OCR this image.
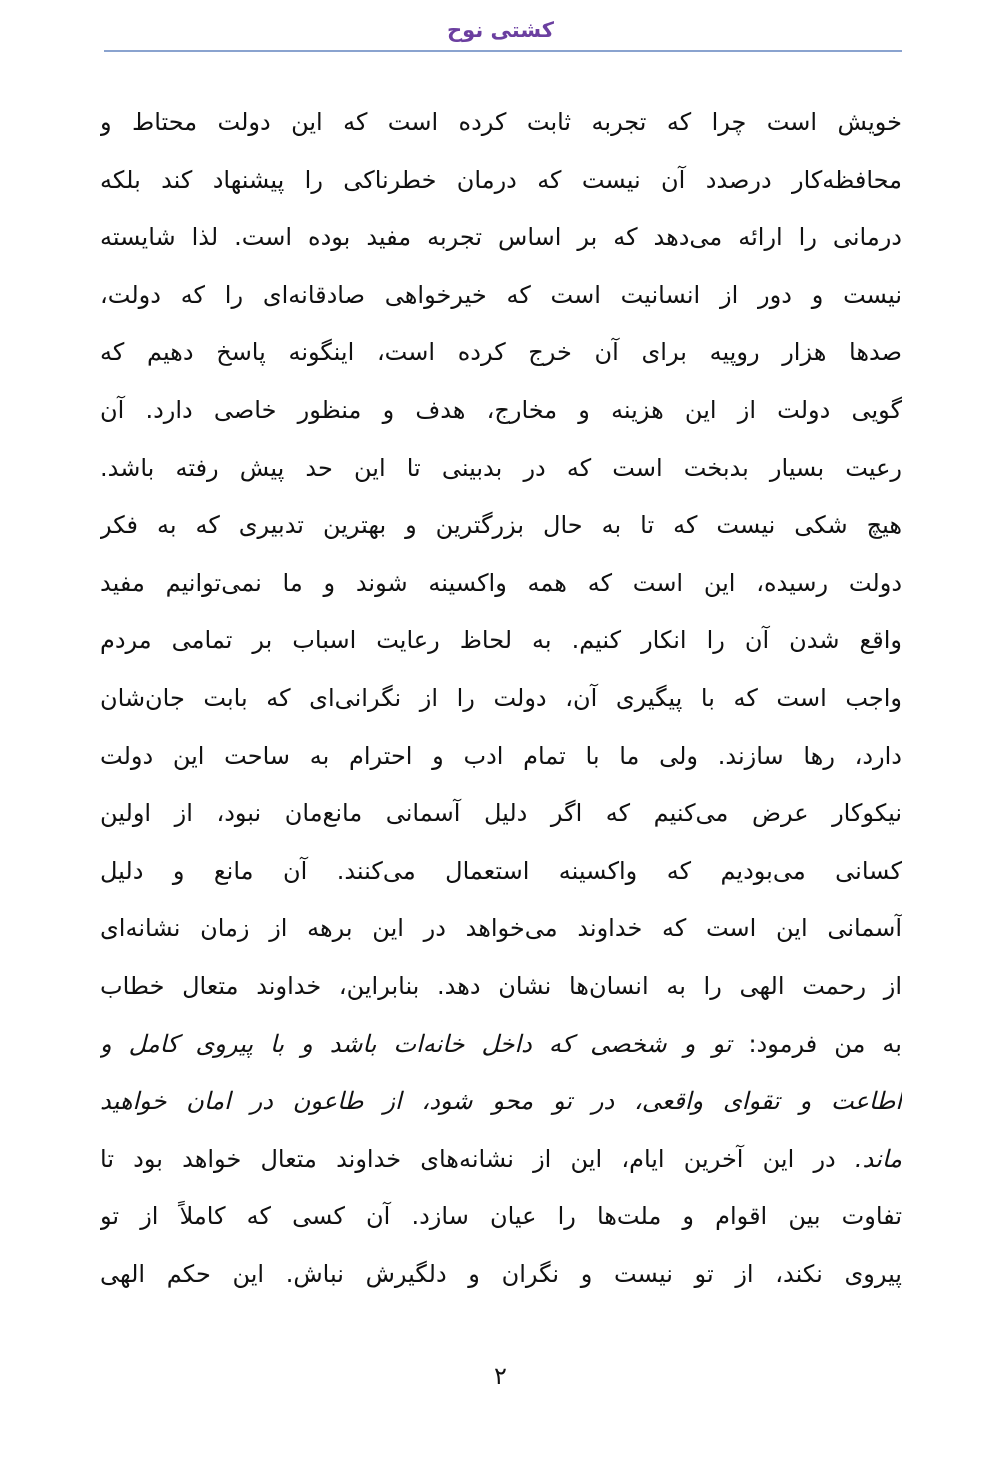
کشتی نوح
خویش است چرا که تجربه ثابت کرده است که این دولت محتاط و
محافظه‌کار درصدد آن نیست که درمان خطرناکی را پیشنهاد کند بلکه
درمانی را ارائه می‌دهد که بر اساس تجربه مفید بوده است. لذا شایسته
نیست و دور از انسانیت است که خیرخواهی صادقانه‌ای را که دولت،
صدها هزار روپیه برای آن خرج کرده است، اینگونه پاسخ دهیم که
گویی دولت از این هزینه و مخارج، هدف و منظور خاصی دارد. آن
رعیت بسیار بدبخت است که در بدبینی تا این حد پیش رفته باشد.
هیچ شکی نیست که تا به حال بزرگترین و بهترین تدبیری که به فکر
دولت رسیده، این است که همه واکسینه شوند و ما نمی‌توانیم مفید
واقع شدن آن را انکار کنیم. به لحاظ رعایت اسباب بر تمامی مردم
واجب است که با پیگیری آن، دولت را از نگرانی‌ای که بابت جان‌شان
دارد، رها سازند. ولی ما با تمام ادب و احترام به ساحت این دولت
نیکوکار عرض می‌کنیم که اگر دلیل آسمانی مانع‌مان نبود، از اولین
کسانی می‌بودیم که واکسینه استعمال می‌کنند. آن مانع و دلیل
آسمانی این است که خداوند می‌خواهد در این برهه از زمان نشانه‌ای
از رحمت الهی را به انسان‌ها نشان دهد. بنابراین، خداوند متعال خطاب
به من فرمود: تو و شخصی که داخل خانه‌ات باشد و با پیروی کامل و
اطاعت و تقوای واقعی، در تو محو شود، از طاعون در امان خواهید
ماند. در این آخرین ایام، این از نشانه‌های خداوند متعال خواهد بود تا
تفاوت بین اقوام و ملت‌ها را عیان سازد. آن کسی که کاملاً از تو
پیروی نکند، از تو نیست و نگران و دلگیرش نباش. این حکم الهی
۲
